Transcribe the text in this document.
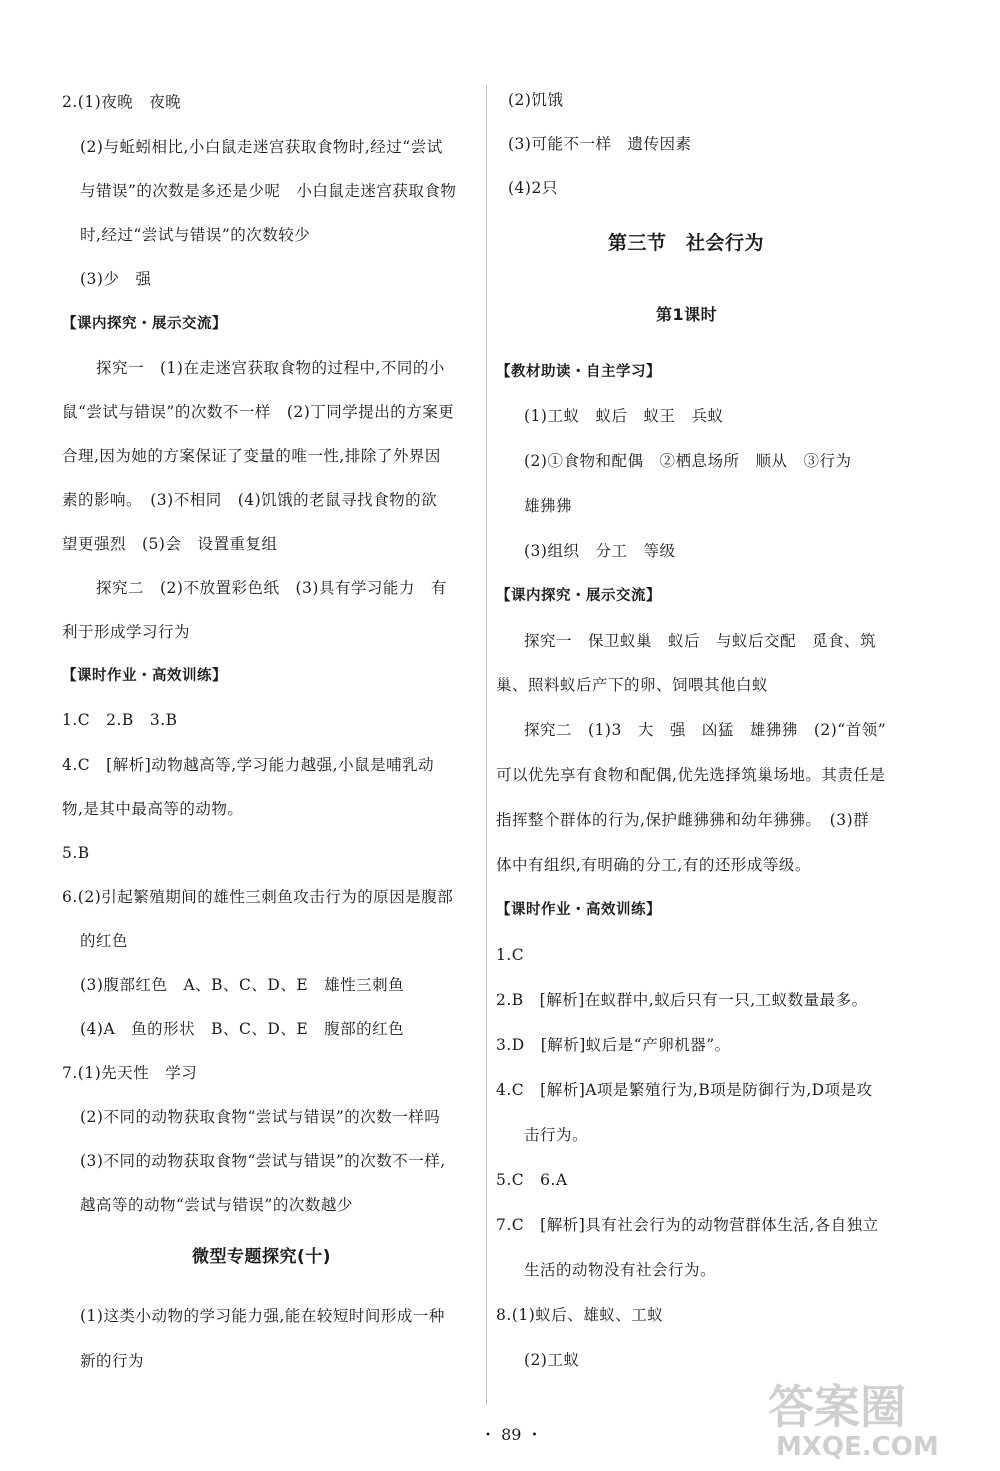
2.(1)夜晚　夜晚
(2)与蚯蚓相比,小白鼠走迷宫获取食物时,经过“尝试
与错误”的次数是多还是少呢　小白鼠走迷宫获取食物
时,经过“尝试与错误”的次数较少
(3)少　强
【课内探究・展示交流】
探究一　(1)在走迷宫获取食物的过程中,不同的小
鼠“尝试与错误”的次数不一样　(2)丁同学提出的方案更
合理,因为她的方案保证了变量的唯一性,排除了外界因
素的影响。　(3)不相同　(4)饥饿的老鼠寻找食物的欲
望更强烈　(5)会　设置重复组
探究二　(2)不放置彩色纸　(3)具有学习能力　有
利于形成学习行为
【课时作业・高效训练】
1.C　2.B　3.B
4.C　[解析]动物越高等,学习能力越强,小鼠是哺乳动
物,是其中最高等的动物。
5.B
6.(2)引起繁殖期间的雄性三刺鱼攻击行为的原因是腹部
的红色
(3)腹部红色　A、B、C、D、E　雄性三刺鱼
(4)A　鱼的形状　B、C、D、E　腹部的红色
7.(1)先天性　学习
(2)不同的动物获取食物“尝试与错误”的次数一样吗
(3)不同的动物获取食物“尝试与错误”的次数不一样,
越高等的动物“尝试与错误”的次数越少
微型专题探究(十)
(1)这类小动物的学习能力强,能在较短时间形成一种
新的行为
(2)饥饿
(3)可能不一样　遗传因素
(4)2只
第三节　社会行为
第1课时
【教材助读・自主学习】
(1)工蚁　蚁后　蚁王　兵蚁
(2)①食物和配偶　②栖息场所　顺从　③行为
雄狒狒
(3)组织　分工　等级
【课内探究・展示交流】
探究一　保卫蚁巢　蚁后　与蚁后交配　觅食、筑
巢、照料蚁后产下的卵、饲喂其他白蚁
探究二　(1)3　大　强　凶猛　雄狒狒　(2)“首领”
可以优先享有食物和配偶,优先选择筑巢场地。其责任是
指挥整个群体的行为,保护雌狒狒和幼年狒狒。　(3)群
体中有组织,有明确的分工,有的还形成等级。
【课时作业・高效训练】
1.C
2.B　[解析]在蚁群中,蚁后只有一只,工蚁数量最多。
3.D　[解析]蚁后是“产卵机器”。
4.C　[解析]A项是繁殖行为,B项是防御行为,D项是攻
击行为。
5.C　6.A
7.C　[解析]具有社会行为的动物营群体生活,各自独立
生活的动物没有社会行为。
8.(1)蚁后、雄蚁、工蚁
(2)工蚁
・ 89 ・
答案圈
MXQE.COM
